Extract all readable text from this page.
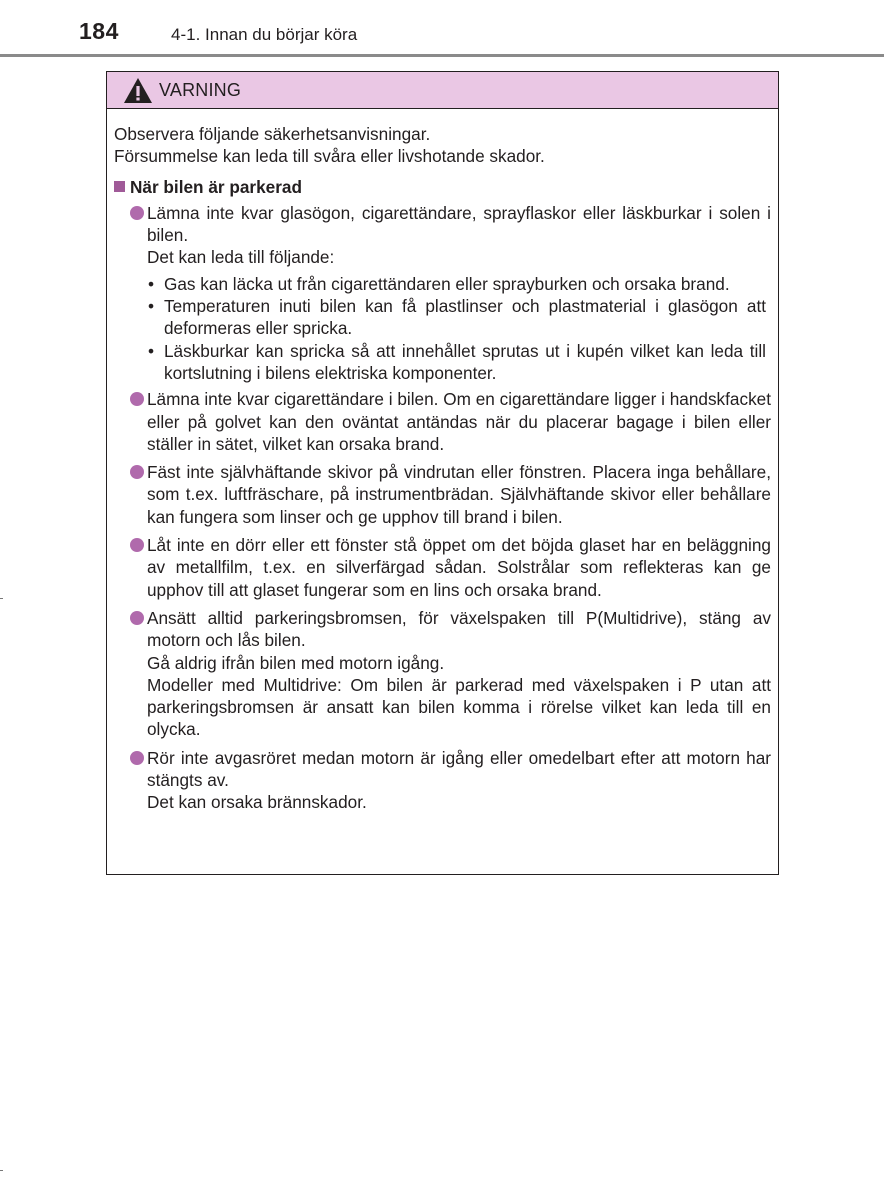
184	4-1. Innan du börjar köra
VARNING

Observera följande säkerhetsanvisningar.

Försummelse kan leda till svåra eller livshotande skador.

När bilen är parkerad

Lämna inte kvar glasögon, cigarettändare, sprayflaskor eller läskburkar i solen i bilen.

Det kan leda till följande:

• Gas kan läcka ut från cigarettändaren eller sprayburken och orsaka brand.
• Temperaturen inuti bilen kan få plastlinser och plastmaterial i glasögon att deformeras eller spricka.
• Läskburkar kan spricka så att innehållet sprutas ut i kupén vilket kan leda till kortslutning i bilens elektriska komponenter.

Lämna inte kvar cigarettändare i bilen. Om en cigarettändare ligger i handskfacket eller på golvet kan den oväntat antändas när du placerar bagage i bilen eller ställer in sätet, vilket kan orsaka brand.

Fäst inte självhäftande skivor på vindrutan eller fönstren. Placera inga behållare, som t.ex. luftfräschare, på instrumentbrädan. Självhäftande skivor eller behållare kan fungera som linser och ge upphov till brand i bilen.

Låt inte en dörr eller ett fönster stå öppet om det böjda glaset har en beläggning av metallfilm, t.ex. en silverfärgad sådan. Solstrålar som reflekteras kan ge upphov till att glaset fungerar som en lins och orsaka brand.

Ansätt alltid parkeringsbromsen, för växelspaken till P(Multidrive), stäng av motorn och lås bilen.

Gå aldrig ifrån bilen med motorn igång.

Modeller med Multidrive: Om bilen är parkerad med växelspaken i P utan att parkeringsbromsen är ansatt kan bilen komma i rörelse vilket kan leda till en olycka.

Rör inte avgasröret medan motorn är igång eller omedelbart efter att motorn har stängts av.

Det kan orsaka brännskador.
